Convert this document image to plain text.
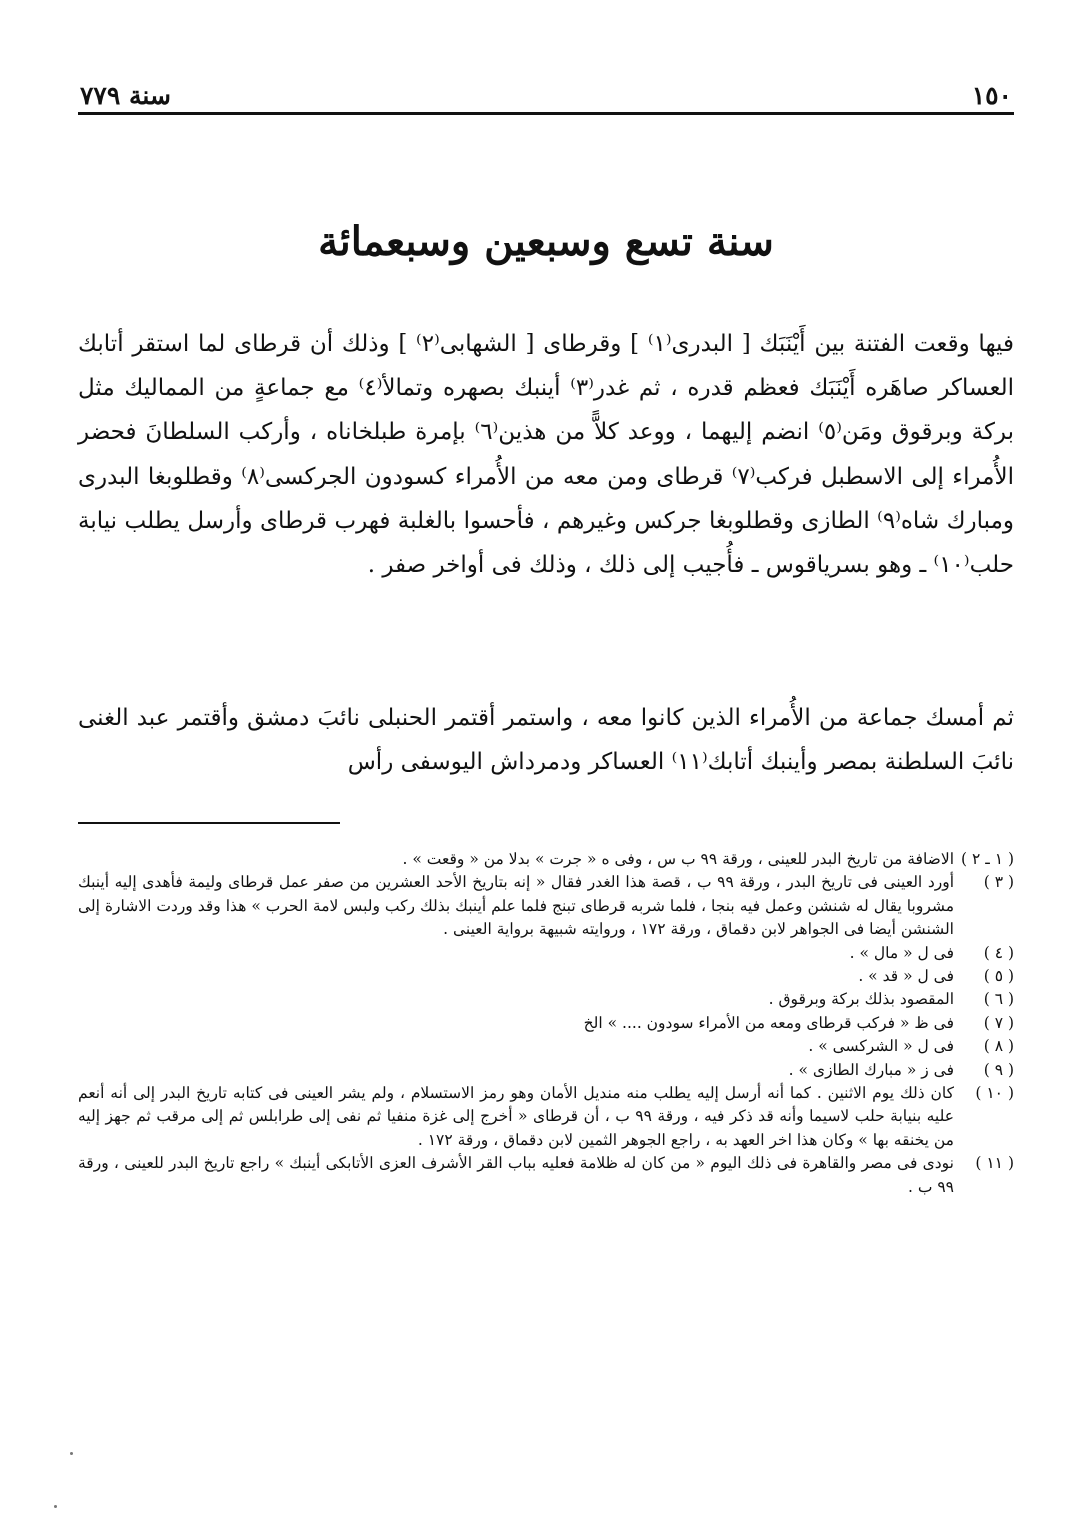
١٥٠
سنة ٧٧٩
سنة تسع وسبعين وسبعمائة

فيها وقعت الفتنة بين أَيْنَبَك [ البدرى⁽١⁾ ] وقرطاى [ الشهابى⁽٢⁾ ] وذلك أن قرطاى لما استقر أتابك العساكر صاهَره أَيْنَبَك فعظم قدره ، ثم غدر⁽٣⁾ أينبك بصهره وتمالأ⁽٤⁾ مع جماعةٍ من المماليك مثل بركة وبرقوق ومَن⁽٥⁾ انضم إليهما ، ووعد كلاًّ من هذين⁽٦⁾ بإمرة طبلخاناه ، وأركب السلطانَ فحضر الأُمراء إلى الاسطبل فركب⁽٧⁾ قرطاى ومن معه من الأُمراء كسودون الجركسى⁽٨⁾ وقطلوبغا البدرى ومبارك شاه⁽٩⁾ الطازى وقطلوبغا جركس وغيرهم ، فأحسوا بالغلبة فهرب قرطاى وأرسل يطلب نيابة حلب⁽١٠⁾ ـ وهو بسرياقوس ـ فأُجيب إلى ذلك ، وذلك فى أواخر صفر .

ثم أمسك جماعة من الأُمراء الذين كانوا معه ، واستمر أقتمر الحنبلى نائبَ دمشق وأقتمر عبد الغنى نائبَ السلطنة بمصر وأينبك أتابك⁽١١⁾ العساكر ودمرداش اليوسفى رأس

( ١ ـ ٢ )
الاضافة من تاريخ البدر للعينى ، ورقة ٩٩ ب س ، وفى ه « جرت » بدلا من « وقعت » .
( ٣ )
أورد العينى فى تاريخ البدر ، ورقة ٩٩ ب ، قصة هذا الغدر فقال « إنه بتاريخ الأحد العشرين من صفر عمل قرطاى وليمة فأهدى إليه أينبك مشروبا يقال له شنشن وعمل فيه بنجا ، فلما شربه قرطاى تبنج فلما علم أينبك بذلك ركب ولبس لامة الحرب » هذا وقد وردت الاشارة إلى الشنشن أيضا فى الجواهر لابن دقماق ، ورقة ١٧٢ ، وروايته شبيهة برواية العينى .
( ٤ )
فى ل « مال » .
( ٥ )
فى ل « قد » .
( ٦ )
المقصود بذلك بركة وبرقوق .
( ٧ )
فى ظ « فركب قرطاى ومعه من الأمراء سودون .... » الخ
( ٨ )
فى ل « الشركسى » .
( ٩ )
فى ز « مبارك الطازى » .
( ١٠ )
كان ذلك يوم الاثنين . كما أنه أرسل إليه يطلب منه منديل الأمان وهو رمز الاستسلام ، ولم يشر العينى فى كتابه تاريخ البدر إلى أنه أنعم عليه بنيابة حلب لاسيما وأنه قد ذكر فيه ، ورقة ٩٩ ب ، أن قرطاى « أخرج إلى غزة منفيا ثم نفى إلى طرابلس ثم إلى مرقب ثم جهز إليه من يخنقه بها » وكان هذا اخر العهد به ، راجع الجوهر الثمين لابن دقماق ، ورقة ١٧٢ .
( ١١ )
نودى فى مصر والقاهرة فى ذلك اليوم « من كان له ظلامة فعليه بباب القر الأشرف العزى الأتابكى أينبك » راجع تاريخ البدر للعينى ، ورقة ٩٩ ب .
